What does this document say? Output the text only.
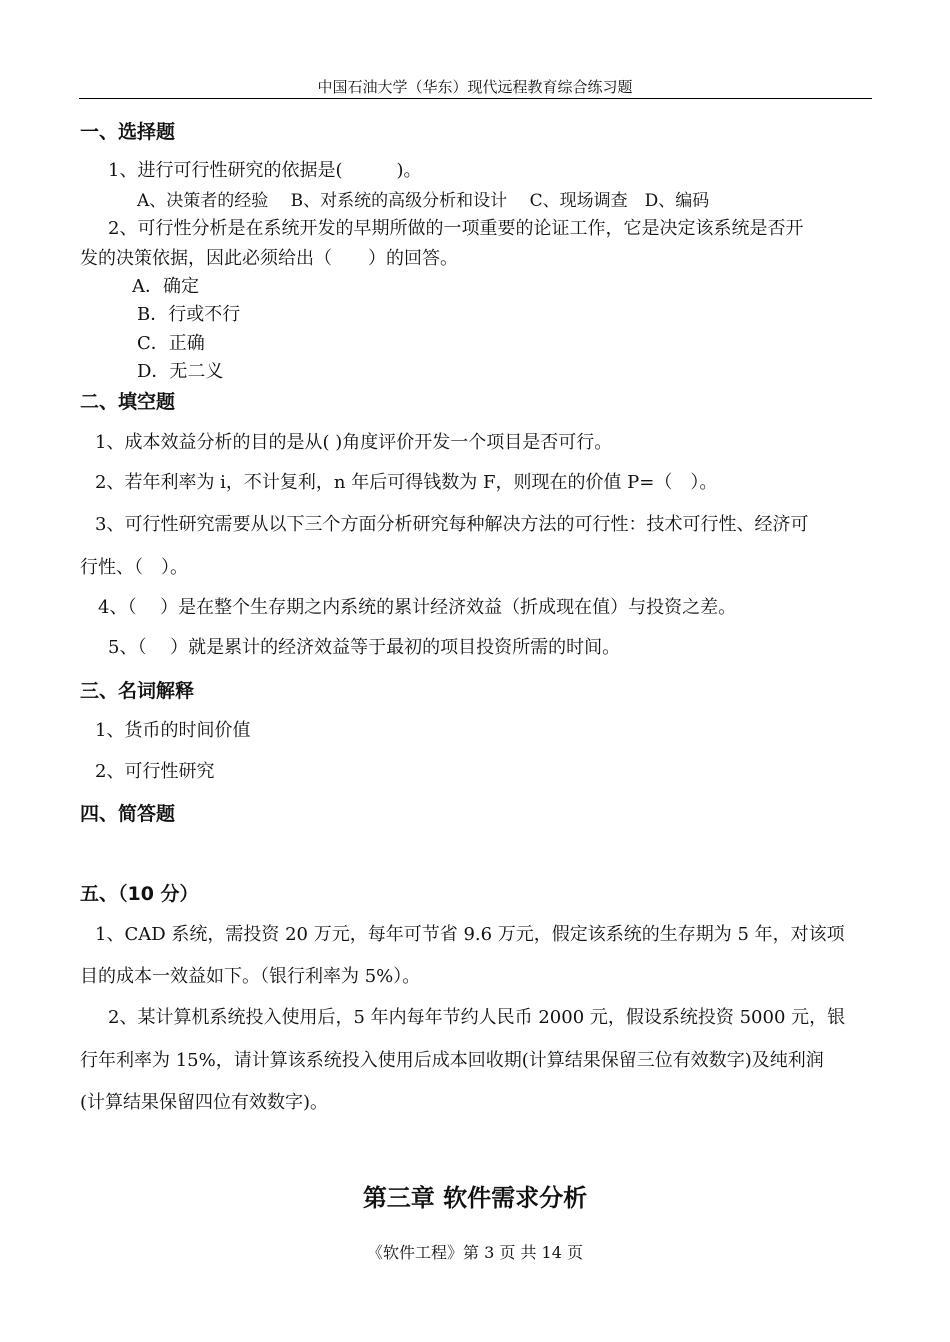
中国石油大学（华东）现代远程教育综合练习题
一、选择题
1、进行可行性研究的依据是(　　　)。
A、决策者的经验　 B、对系统的高级分析和设计　 C、现场调查　D、编码
2、可行性分析是在系统开发的早期所做的一项重要的论证工作，它是决定该系统是否开
发的决策依据，因此必须给出（　　）的回答。
A．确定
B．行或不行
C．正确
D．无二义
二、填空题
1、成本效益分析的目的是从( )角度评价开发一个项目是否可行。
2、若年利率为 i，不计复利，n 年后可得钱数为 F，则现在的价值 P=（　）。
3、可行性研究需要从以下三个方面分析研究每种解决方法的可行性：技术可行性、经济可
行性、（　）。
4、（　 ）是在整个生存期之内系统的累计经济效益（折成现在值）与投资之差。
5、（　 ）就是累计的经济效益等于最初的项目投资所需的时间。
三、名词解释
1、货币的时间价值
2、可行性研究
四、简答题
五、（10 分）
1、CAD 系统，需投资 20 万元，每年可节省 9.6 万元，假定该系统的生存期为 5 年，对该项
目的成本一效益如下。（银行利率为 5%）。
2、某计算机系统投入使用后，5 年内每年节约人民币 2000 元，假设系统投资 5000 元，银
行年利率为 15%，请计算该系统投入使用后成本回收期(计算结果保留三位有效数字)及纯利润
(计算结果保留四位有效数字)。
第三章 软件需求分析
《软件工程》第 3 页 共 14 页
